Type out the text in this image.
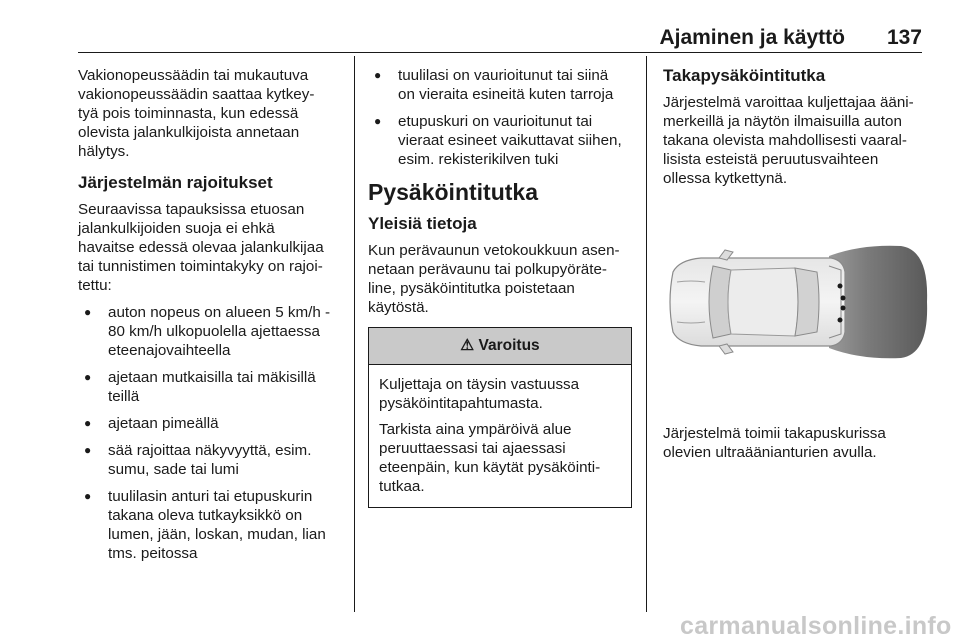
Ajaminen ja käyttö 137

Vakionopeussäädin tai mukautuva
vakionopeussäädin saattaa kytkey-
tyä pois toiminnasta, kun edessä
olevista jalankulkijoista annetaan
hälytys.

Järjestelmän rajoitukset

Seuraavissa tapauksissa etuosan
jalankulkijoiden suoja ei ehkä
havaitse edessä olevaa jalankulkijaa
tai tunnistimen toimintakyky on rajoi-
tettu:

● auton nopeus on alueen 5 km/h -
80 km/h ulkopuolella ajettaessa
eteenajovaihteella
● ajetaan mutkaisilla tai mäkisillä
teillä
● ajetaan pimeällä
● sää rajoittaa näkyvyyttä, esim.
sumu, sade tai lumi
● tuulilasin anturi tai etupuskurin
takana oleva tutkayksikkö on
lumen, jään, loskan, mudan, lian
tms. peitossa
● tuulilasi on vaurioitunut tai siinä
on vieraita esineitä kuten tarroja
● etupuskuri on vaurioitunut tai
vieraat esineet vaikuttavat siihen,
esim. rekisterikilven tuki
Pysäköintitutka
Yleisiä tietoja

Kun perävaunun vetokoukkuun asen-
netaan perävaunu tai polkupyöräte-
line, pysäköintitutka poistetaan
käytöstä.

⚠ Varoitus

Kuljettaja on täysin vastuussa
pysäköintitapahtumasta.

Tarkista aina ympäröivä alue
peruuttaessasi tai ajaessasi
eteenpäin, kun käytät pysäköinti-
tutkaa.

Takapysäköintitutka

Järjestelmä varoittaa kuljettajaa ääni-
merkeillä ja näytön ilmaisuilla auton
takana olevista mahdollisesti vaaral-
lisista esteistä peruutusvaihteen
ollessa kytkettynä.

Järjestelmä toimii takapuskurissa
olevien ultraäänianturien avulla.
carmanualsonline.info
